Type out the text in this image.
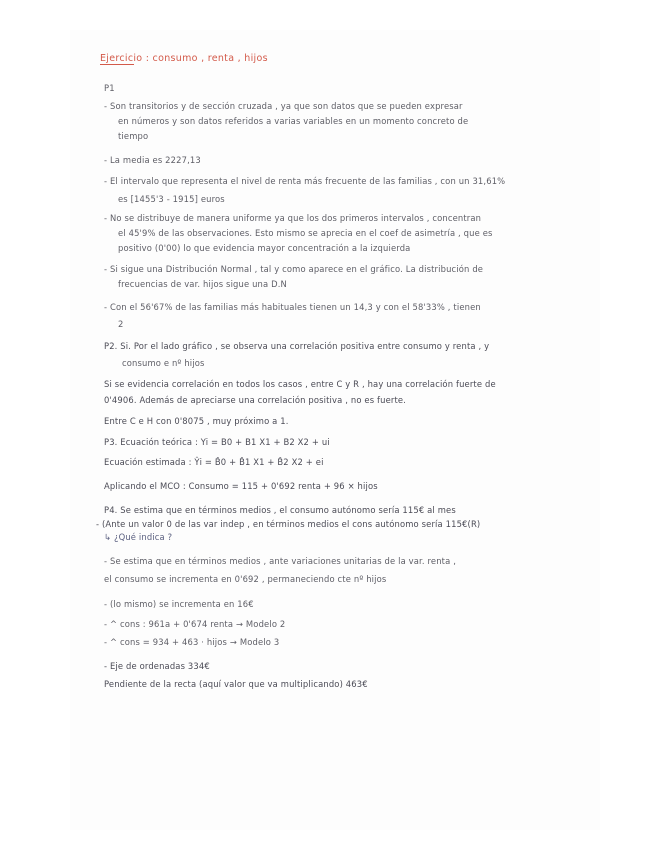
Ejercicio : consumo , renta , hijos
P1
- Son transitorios y de sección cruzada , ya que son datos que se pueden expresar
en números y son datos referidos a varias variables en un momento concreto de
tiempo
- La media es 2227,13
- El intervalo que representa el nivel de renta más frecuente de las familias , con un 31,61%
es [1455'3 - 1915] euros
- No se distribuye de manera uniforme ya que los dos primeros intervalos , concentran
el 45'9% de las observaciones. Esto mismo se aprecia en el coef de asimetría , que es
positivo (0'00) lo que evidencia mayor concentración a la izquierda
- Si sigue una Distribución Normal , tal y como aparece en el gráfico. La distribución de
frecuencias de var. hijos sigue una D.N
- Con el 56'67% de las familias más habituales tienen un 14,3 y con el 58'33% , tienen
2
P2. Si. Por el lado gráfico , se observa una correlación positiva entre consumo y renta , y
consumo e nº hijos
Si se evidencia correlación en todos los casos , entre C y R , hay una correlación fuerte de
0'4906. Además de apreciarse una correlación positiva , no es fuerte.
Entre C e H con 0'8075 , muy próximo a 1.
P3. Ecuación teórica : Yi = B0 + B1 X1 + B2 X2 + ui
Ecuación estimada : Ŷi = B̂0 + B̂1 X1 + B̂2 X2 + ei
Aplicando el MCO : Consumo = 115 + 0'692 renta + 96 × hijos
P4. Se estima que en términos medios , el consumo autónomo sería 115€ al mes
- (Ante un valor 0 de las var indep , en términos medios el cons autónomo sería 115€(R)
↳ ¿Qué indica ?
- Se estima que en términos medios , ante variaciones unitarias de la var. renta ,
el consumo se incrementa en 0'692 , permaneciendo cte nº hijos
- (lo mismo) se incrementa en 16€
- ^ cons : 961a + 0'674 renta → Modelo 2
- ^ cons = 934 + 463 · hijos → Modelo 3
- Eje de ordenadas 334€
Pendiente de la recta (aquí valor que va multiplicando) 463€
